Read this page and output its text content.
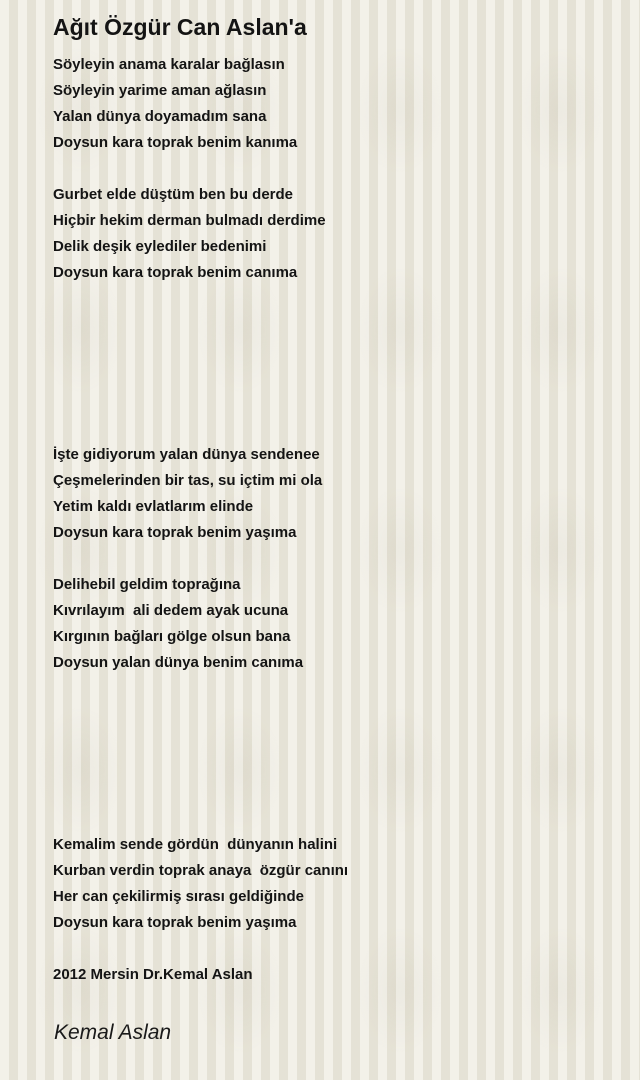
Ağıt Özgür Can Aslan'a
Söyleyin anama karalar bağlasın
Söyleyin yarime aman ağlasın
Yalan dünya doyamadım sana
Doysun kara toprak benim kanıma
Gurbet elde düştüm ben bu derde
Hiçbir hekim derman bulmadı derdime
Delik deşik eylediler bedenimi
Doysun kara toprak benim canıma
İşte gidiyorum yalan dünya sendenee
Çeşmelerinden bir tas, su içtim mi ola
Yetim kaldı evlatlarım elinde
Doysun kara toprak benim yaşıma
Delihebil geldim toprağına
Kıvrılayım  ali dedem ayak ucuna
Kırgının bağları gölge olsun bana
Doysun yalan dünya benim canıma
Kemalim sende gördün  dünyanın halini
Kurban verdin toprak anaya  özgür canını
Her can çekilirmiş sırası geldiğinde
Doysun kara toprak benim yaşıma
2012 Mersin Dr.Kemal Aslan
Kemal Aslan
